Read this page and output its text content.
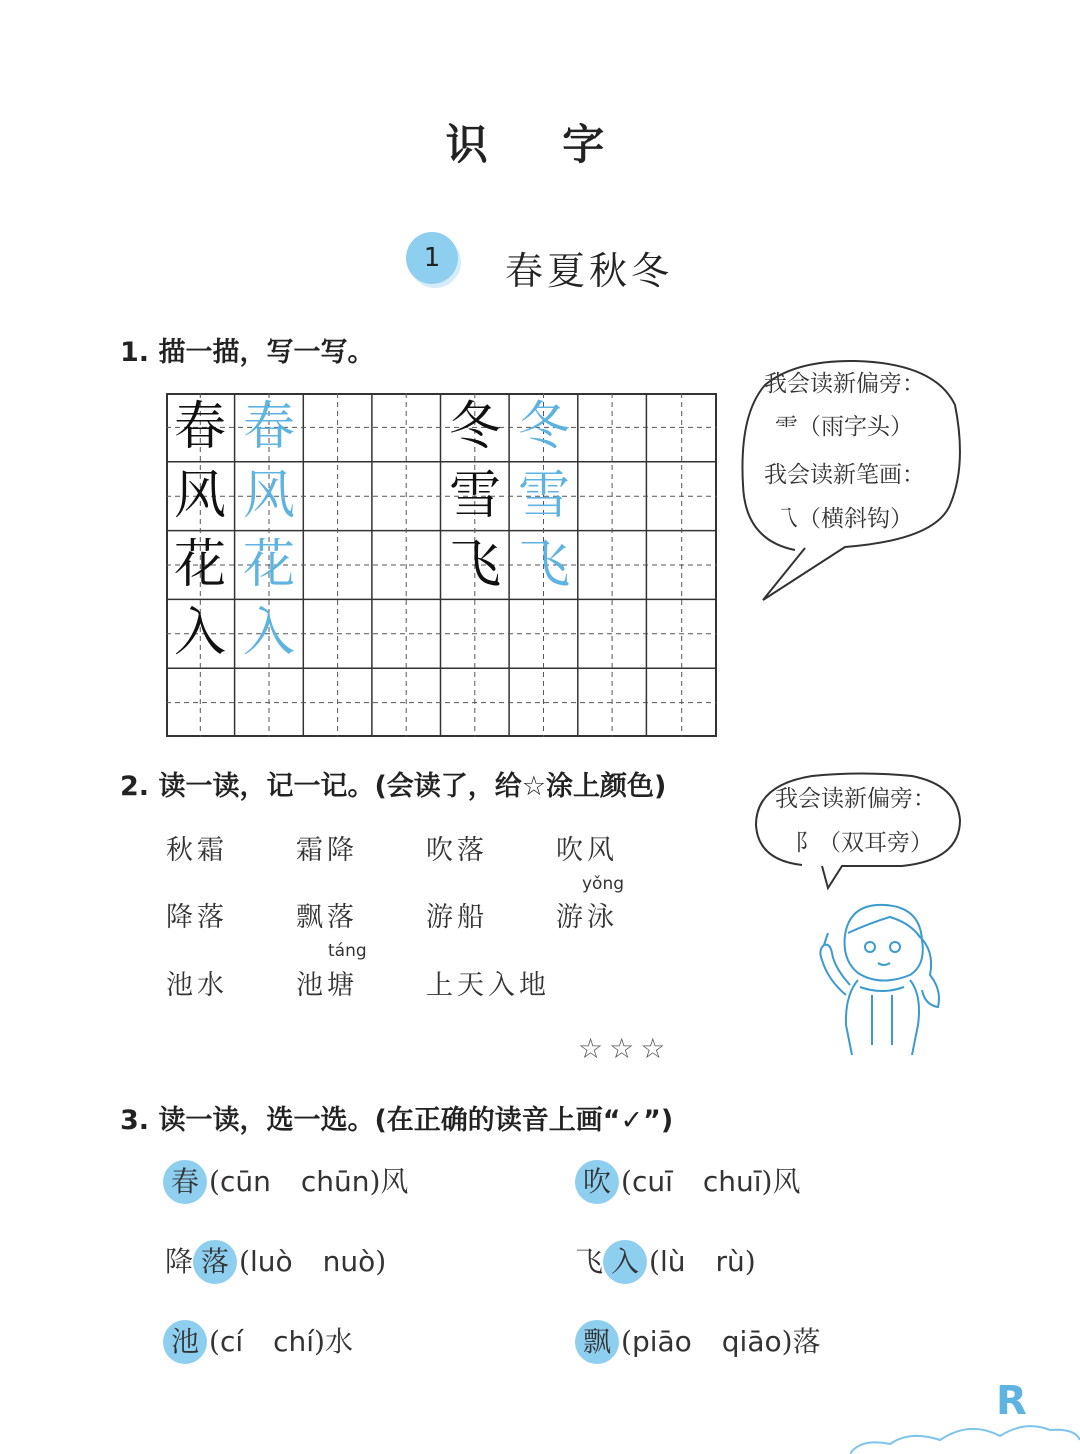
识 字
1	春夏秋冬
1. 描一描，写一写。
春 春
风 风
花 花
入 入
冬 冬
雪 雪
飞 飞
我会读新偏旁：
⻗（雨字头）
我会读新笔画：
乁（横斜钩）
2. 读一读，记一记。(会读了，给☆涂上颜色)
秋霜	霜降	吹落	吹风
yǒng
降落	飘落	游船	游泳
táng
池水	池塘	上天入地
☆☆☆
我会读新偏旁：
阝（双耳旁）
3. 读一读，选一选。(在正确的读音上画“✓”)
春 (cūn chūn)风	吹 (cuī chuī)风
降 落 (luò nuò)	飞 入 (lù rù)
池 (cí chí)水	飘 (piāo qiāo)落
R
